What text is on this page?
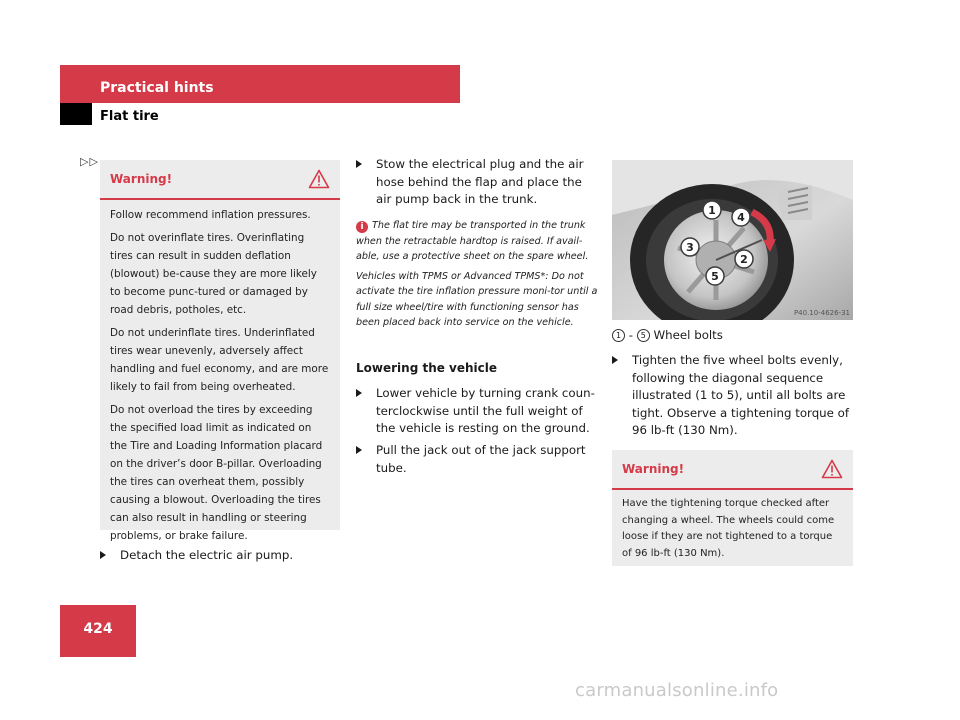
Practical hints
Flat tire
▷▷
Warning!

Follow recommend inflation pressures.

Do not overinflate tires. Overinflating tires can result in sudden deflation (blowout) be-cause they are more likely to become punc-tured or damaged by road debris, potholes, etc.

Do not underinflate tires. Underinflated tires wear unevenly, adversely affect handling and fuel economy, and are more likely to fail from being overheated.

Do not overload the tires by exceeding the specified load limit as indicated on the Tire and Loading Information placard on the driver’s door B-pillar. Overloading the tires can overheat them, possibly causing a blowout. Overloading the tires can also result in handling or steering problems, or brake failure.

Detach the electric air pump.
Stow the electrical plug and the air hose behind the flap and place the air pump back in the trunk.

i The flat tire may be transported in the trunk when the retractable hardtop is raised. If avail-able, use a protective sheet on the spare wheel.

Vehicles with TPMS or Advanced TPMS*: Do not activate the tire inflation pressure moni-tor until a full size wheel/tire with functioning sensor has been placed back into service on the vehicle.

Lowering the vehicle
Lower vehicle by turning crank coun-terclockwise until the full weight of the vehicle is resting on the ground.
Pull the jack out of the jack support tube.
1
2
3
4
5
P40.10-4626-31
1 - 5 Wheel bolts
Tighten the five wheel bolts evenly, following the diagonal sequence illustrated (1 to 5), until all bolts are tight. Observe a tightening torque of 96 lb-ft (130 Nm).
Warning!

Have the tightening torque checked after changing a wheel. The wheels could come loose if they are not tightened to a torque of 96 lb-ft (130 Nm).

424
carmanualsonline.info
